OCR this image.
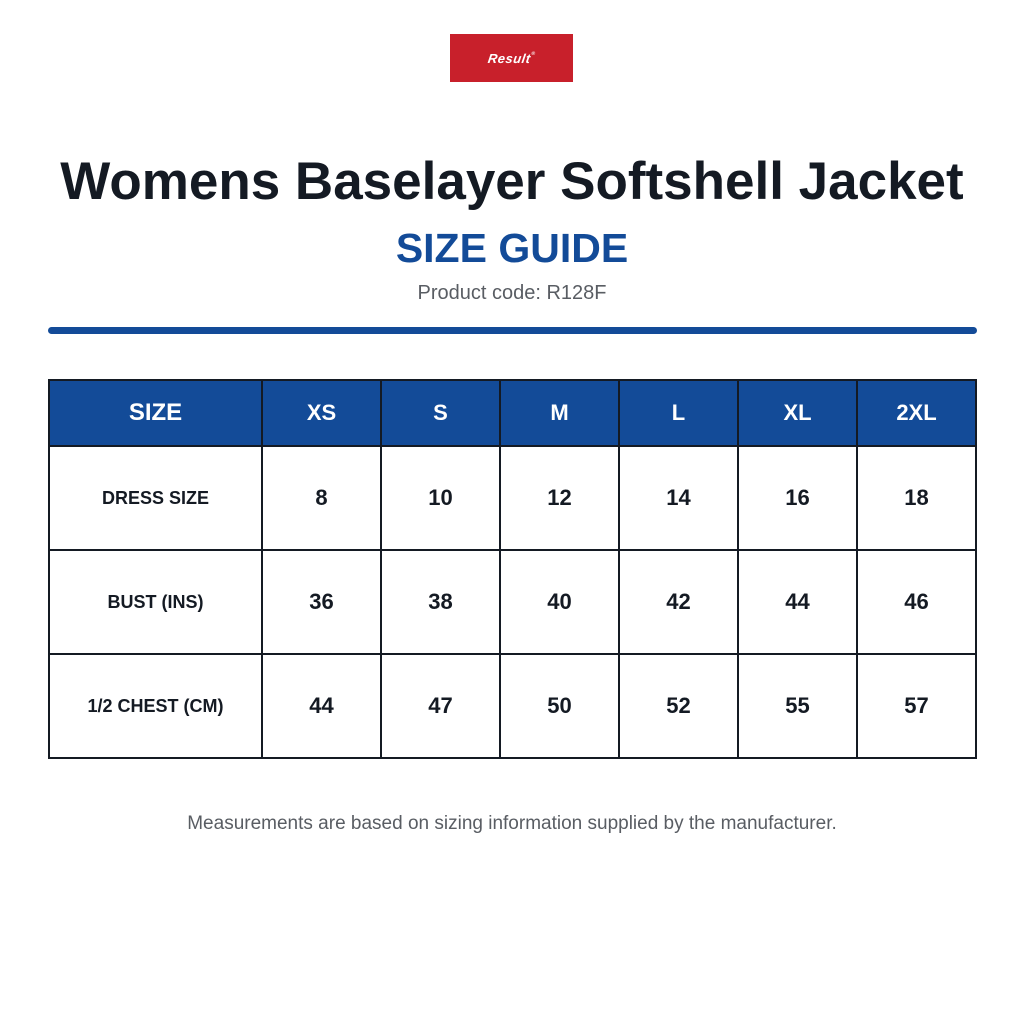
Result®
Womens Baselayer Softshell Jacket
SIZE GUIDE
Product code: R128F
SIZE	XS	S	M	L	XL	2XL
DRESS SIZE	8	10	12	14	16	18
BUST (INS)	36	38	40	42	44	46
1/2 CHEST (CM)	44	47	50	52	55	57
Measurements are based on sizing information supplied by the manufacturer.
